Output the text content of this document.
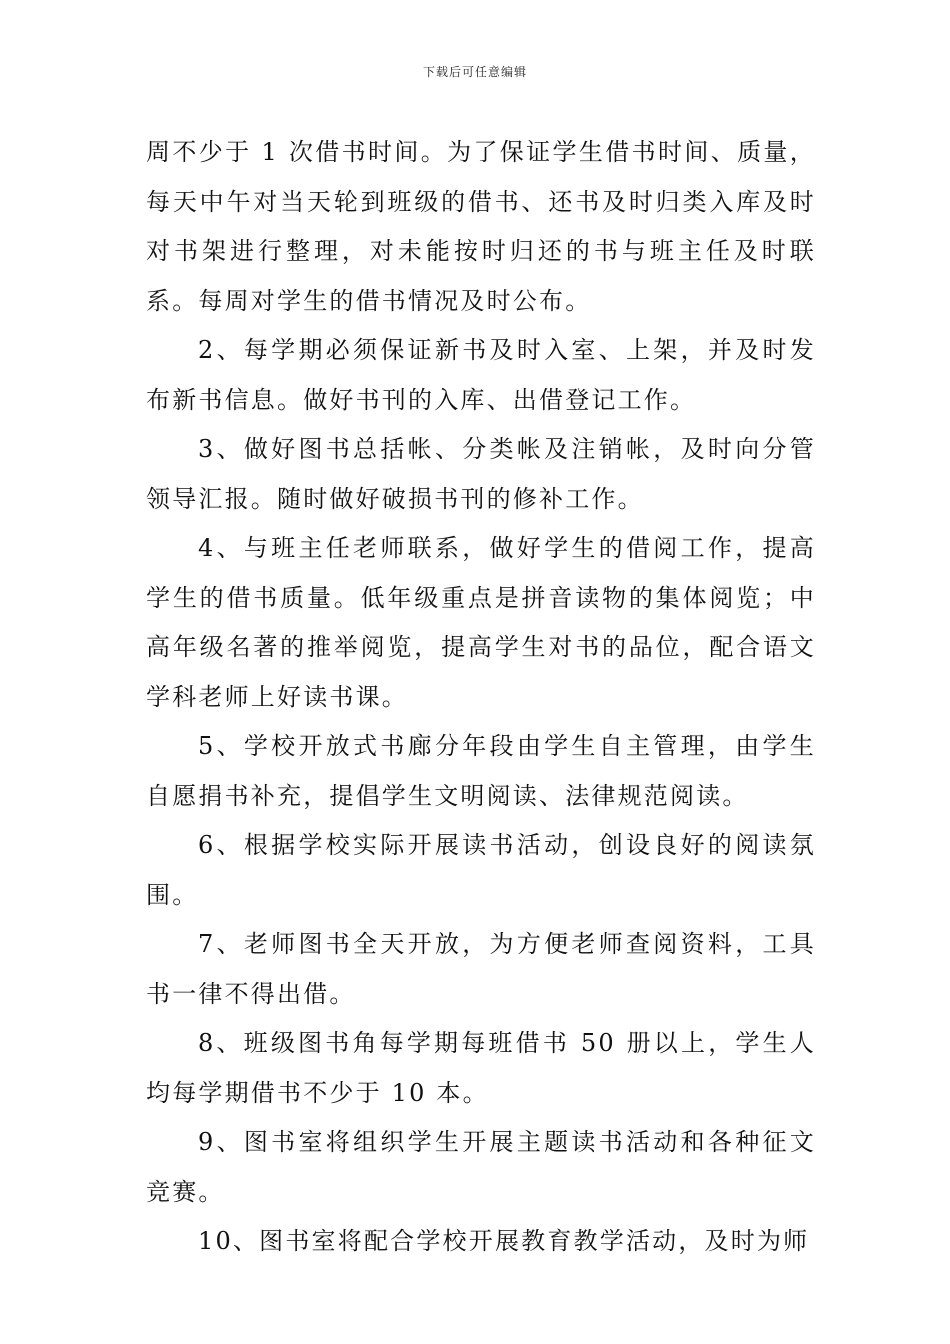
下载后可任意编辑

周不少于 1 次借书时间。为了保证学生借书时间、质量，每天中午对当天轮到班级的借书、还书及时归类入库及时对书架进行整理，对未能按时归还的书与班主任及时联系。每周对学生的借书情况及时公布。

2、每学期必须保证新书及时入室、上架，并及时发布新书信息。做好书刊的入库、出借登记工作。

3、做好图书总括帐、分类帐及注销帐，及时向分管领导汇报。随时做好破损书刊的修补工作。

4、与班主任老师联系，做好学生的借阅工作，提高学生的借书质量。低年级重点是拼音读物的集体阅览；中高年级名著的推举阅览，提高学生对书的品位，配合语文学科老师上好读书课。

5、学校开放式书廊分年段由学生自主管理，由学生自愿捐书补充，提倡学生文明阅读、法律规范阅读。

6、根据学校实际开展读书活动，创设良好的阅读氛围。

7、老师图书全天开放，为方便老师查阅资料，工具书一律不得出借。

8、班级图书角每学期每班借书 50 册以上，学生人均每学期借书不少于 10 本。

9、图书室将组织学生开展主题读书活动和各种征文竞赛。

10、图书室将配合学校开展教育教学活动，及时为师
